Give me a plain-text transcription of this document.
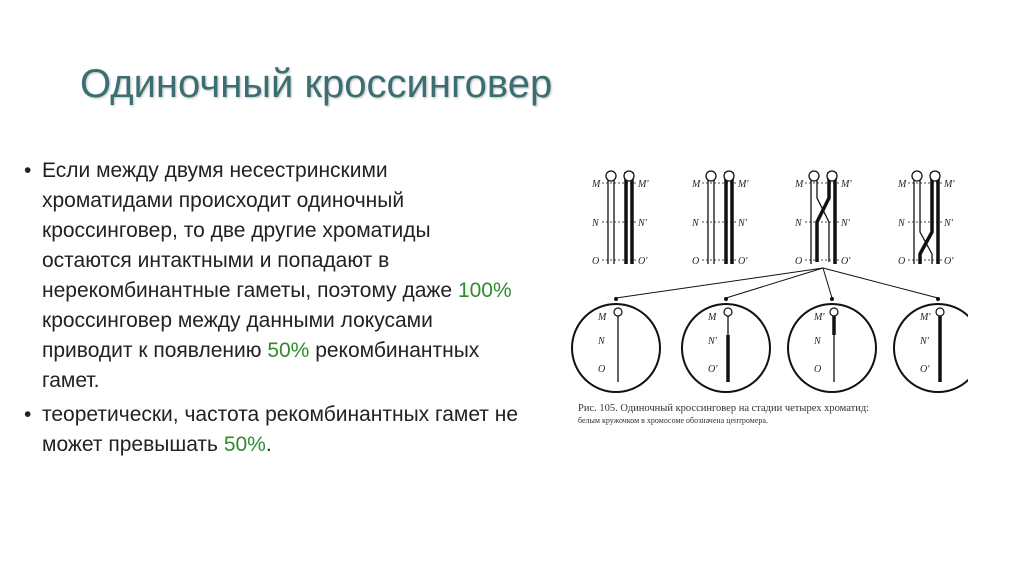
Одиночный кроссинговер
• Если между двумя несестринскими хроматидами происходит одиночный кроссинговер, то две другие хроматиды остаются интактными и попадают в нерекомбинантные гаметы, поэтому даже 100% кроссинговер между данными локусами приводит к появлению 50% рекомбинантных гамет.
• теоретически, частота рекомбинантных гамет не может превышать 50%.
M	M'
N	N'
O	O'
M	M'
N	N'
O	O'
M	M'
N	N'
O	O'
M	M'
N	N'
O	O'
M
N
O
M
N'
O'
M'
N
O
M'
N'
O'
Рис. 105. Одиночный кроссинговер на стадии четырех хроматид:
белым кружочком в хромосоме обозначена центромера.
